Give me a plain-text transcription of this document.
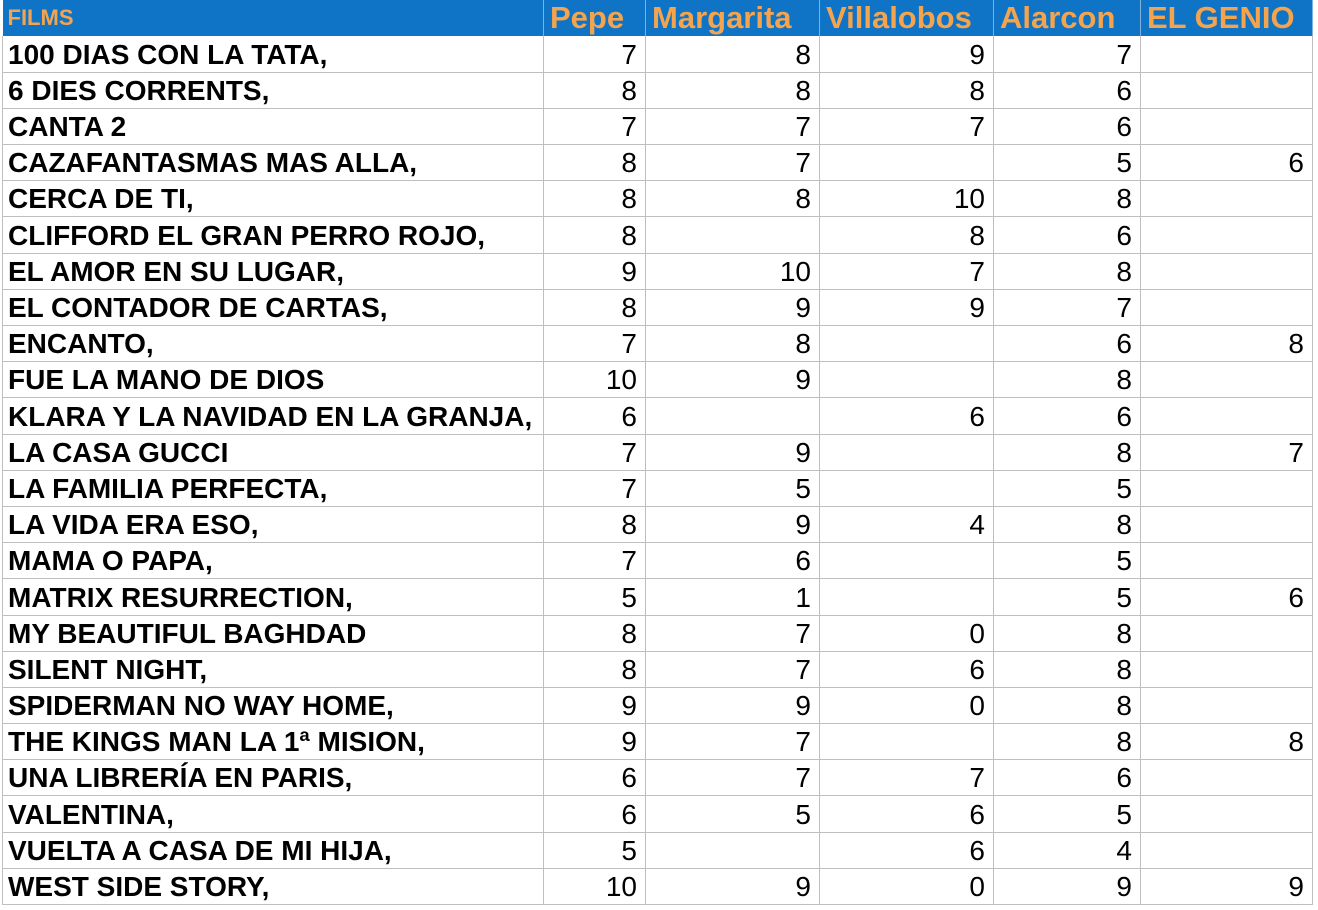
FILMS	Pepe	Margarita	Villalobos	Alarcon	EL GENIO
100 DIAS CON LA TATA,	7	8	9	7	
6 DIES CORRENTS,	8	8	8	6	
CANTA 2	7	7	7	6	
CAZAFANTASMAS MAS ALLA,	8	7		5	6
CERCA DE TI,	8	8	10	8	
CLIFFORD EL GRAN PERRO ROJO,	8		8	6	
EL AMOR EN SU LUGAR,	9	10	7	8	
EL CONTADOR DE CARTAS,	8	9	9	7	
ENCANTO,	7	8		6	8
FUE LA MANO DE DIOS	10	9		8	
KLARA Y LA NAVIDAD EN LA GRANJA,	6		6	6	
LA CASA GUCCI	7	9		8	7
LA FAMILIA PERFECTA,	7	5		5	
LA VIDA ERA ESO,	8	9	4	8	
MAMA O PAPA,	7	6		5	
MATRIX RESURRECTION,	5	1		5	6
MY BEAUTIFUL BAGHDAD	8	7	0	8	
SILENT NIGHT,	8	7	6	8	
SPIDERMAN NO WAY HOME,	9	9	0	8	
THE KINGS MAN LA 1ª MISION,	9	7		8	8
UNA LIBRERÍA EN PARIS,	6	7	7	6	
VALENTINA,	6	5	6	5	
VUELTA A CASA DE MI HIJA,	5		6	4	
WEST SIDE STORY,	10	9	0	9	9
